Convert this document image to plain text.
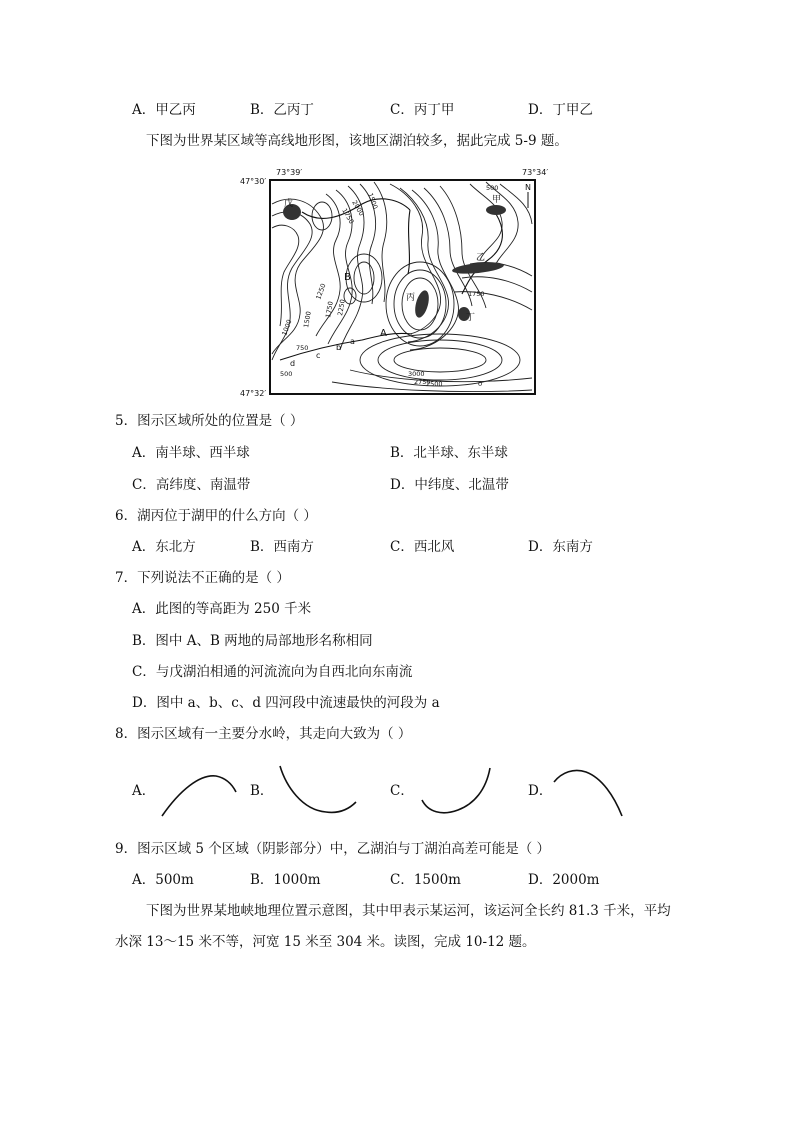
A．甲乙丙	B．乙丙丁	C．丙丁甲	D．丁甲乙
下图为世界某区域等高线地形图，该地区湖泊较多，据此完成 5-9 题。
73°39′	73°34′
47°30′
47°32′
N
戊	甲
乙
丙
丁
A
B
a
b
c
d
2000
1750
1500
1250
1000
750
500
2250
1750
1500
3000
2750
2500
1750
500
0
5．图示区域所处的位置是（ ）
A．南半球、西半球	B．北半球、东半球
C．高纬度、南温带	D．中纬度、北温带
6．湖丙位于湖甲的什么方向（ ）
A．东北方	B．西南方	C．西北风	D．东南方
7．下列说法不正确的是（ ）
A．此图的等高距为 250 千米
B．图中 A、B 两地的局部地形名称相同
C．与戊湖泊相通的河流流向为自西北向东南流
D．图中 a、b、c、d 四河段中流速最快的河段为 a
8．图示区域有一主要分水岭，其走向大致为（ ）
A．	B．	C．	D．
9．图示区域 5 个区域（阴影部分）中，乙湖泊与丁湖泊高差可能是（ ）
A．500m	B．1000m	C．1500m	D．2000m
下图为世界某地峡地理位置示意图，其中甲表示某运河，该运河全长约 81.3 千米，平均
水深 13～15 米不等，河宽 15 米至 304 米。读图，完成 10-12 题。
